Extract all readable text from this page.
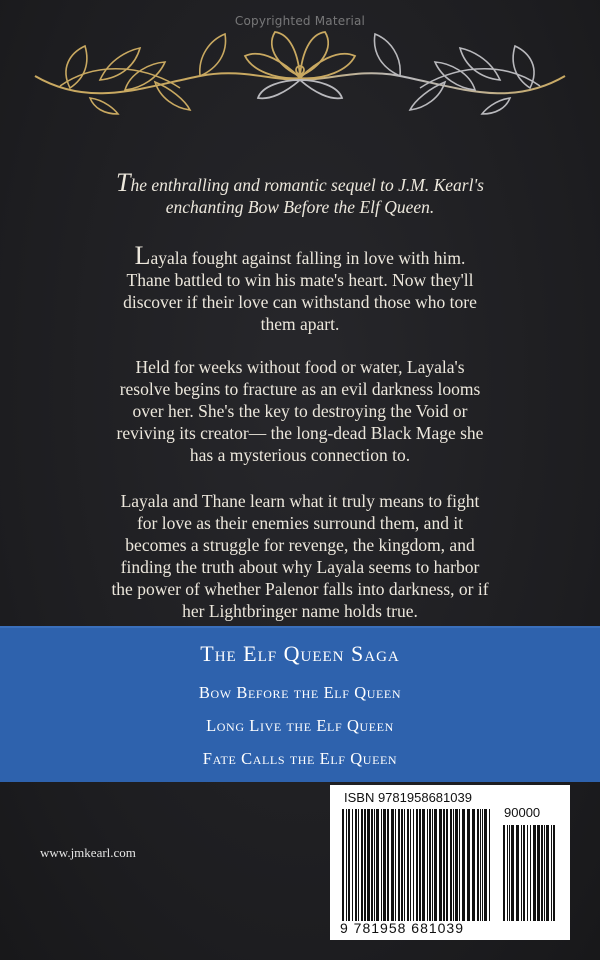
Copyrighted Material
The enthralling and romantic sequel to J.M. Kearl's
enchanting Bow Before the Elf Queen.
Layala fought against falling in love with him.
Thane battled to win his mate's heart. Now they'll
discover if their love can withstand those who tore
them apart.
Held for weeks without food or water, Layala's
resolve begins to fracture as an evil darkness looms
over her. She's the key to destroying the Void or
reviving its creator— the long-dead Black Mage she
has a mysterious connection to.
Layala and Thane learn what it truly means to fight
for love as their enemies surround them, and it
becomes a struggle for revenge, the kingdom, and
finding the truth about why Layala seems to harbor
the power of whether Palenor falls into darkness, or if
her Lightbringer name holds true.
The Elf Queen Saga
Bow Before the Elf Queen
Long Live the Elf Queen
Fate Calls the Elf Queen
www.jmkearl.com
ISBN 9781958681039
90000
9 781958 681039
